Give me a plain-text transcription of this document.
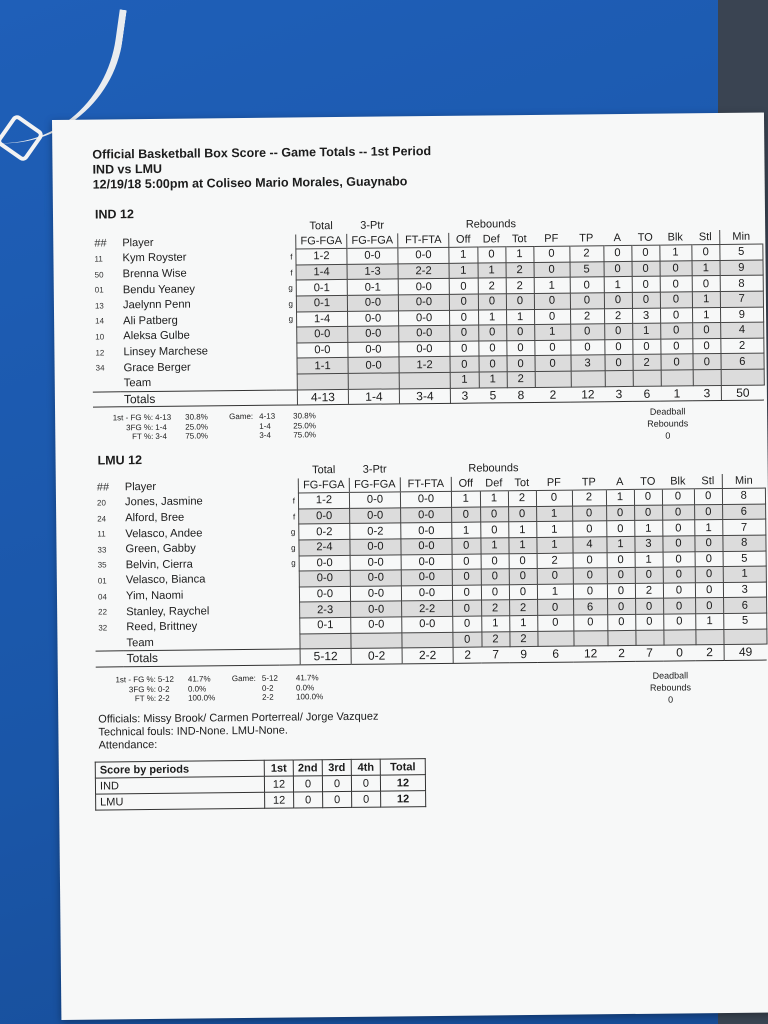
Official Basketball Box Score -- Game Totals -- 1st Period
IND vs LMU
12/19/18 5:00pm at Coliseo Mario Morales, Guaynabo
IND 12
			Total	3-Ptr		Rebounds									
##	Player		FG-FGA	FG-FGA	FT-FTA	Off	Def	Tot	PF	TP	A	TO	Blk	Stl	Min
11	Kym Royster	f	1-2	0-0	0-0	1	0	1	0	2	0	0	1	0	5
50	Brenna Wise	f	1-4	1-3	2-2	1	1	2	0	5	0	0	0	1	9
01	Bendu Yeaney	g	0-1	0-1	0-0	0	2	2	1	0	1	0	0	0	8
13	Jaelynn Penn	g	0-1	0-0	0-0	0	0	0	0	0	0	0	0	1	7
14	Ali Patberg	g	1-4	0-0	0-0	0	1	1	0	2	2	3	0	1	9
10	Aleksa Gulbe		0-0	0-0	0-0	0	0	0	1	0	0	1	0	0	4
12	Linsey Marchese		0-0	0-0	0-0	0	0	0	0	0	0	0	0	0	2
34	Grace Berger		1-1	0-0	1-2	0	0	0	0	3	0	2	0	0	6
	Team					1	1	2							
	Totals		4-13	1-4	3-4	3	5	8	2	12	3	6	1	3	50
1st - FG %: 4-13 30.8%	Game: 4-13 30.8%
3FG %: 1-4 25.0%	1-4	25.0%
FT %: 3-4 75.0%	3-4	75.0%
Deadball
Rebounds
0
LMU 12
			Total	3-Ptr		Rebounds									
##	Player		FG-FGA	FG-FGA	FT-FTA	Off	Def	Tot	PF	TP	A	TO	Blk	Stl	Min
20	Jones, Jasmine	f	1-2	0-0	0-0	1	1	2	0	2	1	0	0	0	8
24	Alford, Bree	f	0-0	0-0	0-0	0	0	0	1	0	0	0	0	0	6
11	Velasco, Andee	g	0-2	0-2	0-0	1	0	1	1	0	0	1	0	1	7
33	Green, Gabby	g	2-4	0-0	0-0	0	1	1	1	4	1	3	0	0	8
35	Belvin, Cierra	g	0-0	0-0	0-0	0	0	0	2	0	0	1	0	0	5
01	Velasco, Bianca		0-0	0-0	0-0	0	0	0	0	0	0	0	0	0	1
04	Yim, Naomi		0-0	0-0	0-0	0	0	0	1	0	0	2	0	0	3
22	Stanley, Raychel		2-3	0-0	2-2	0	2	2	0	6	0	0	0	0	6
32	Reed, Brittney		0-1	0-0	0-0	0	1	1	0	0	0	0	0	1	5
	Team					0	2	2							
	Totals		5-12	0-2	2-2	2	7	9	6	12	2	7	0	2	49
1st - FG %: 5-12 41.7%	Game: 5-12 41.7%
3FG %: 0-2 0.0%	0-2	0.0%
FT %: 2-2 100.0%	2-2	100.0%
Deadball
Rebounds
0
Officials: Missy Brook/ Carmen Porterreal/ Jorge Vazquez
Technical fouls: IND-None. LMU-None.
Attendance:
Score by periods	1st	2nd	3rd	4th	Total
IND	12	0	0	0	12
LMU	12	0	0	0	12
